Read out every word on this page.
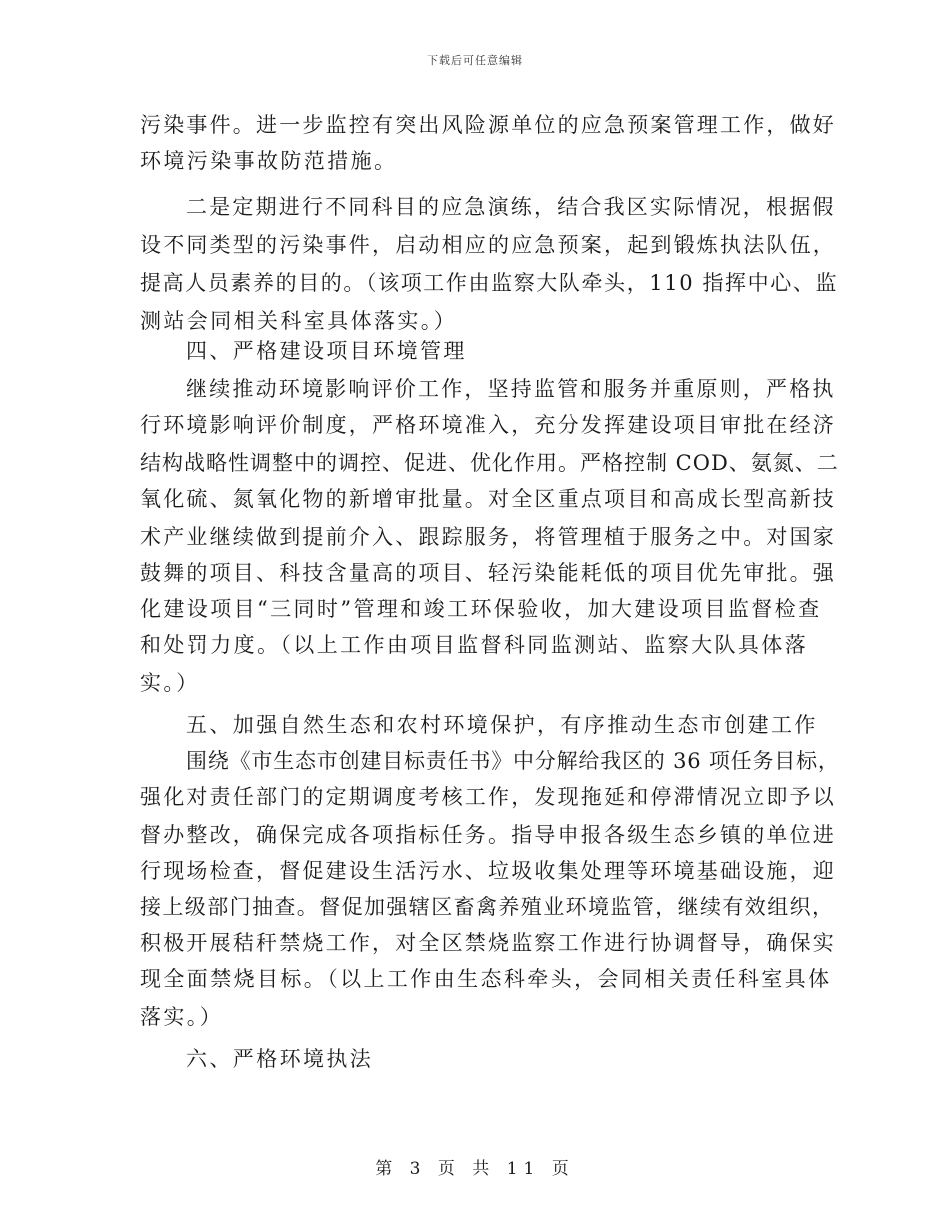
下载后可任意编辑
污染事件。进一步监控有突出风险源单位的应急预案管理工作，做好
环境污染事故防范措施。
二是定期进行不同科目的应急演练，结合我区实际情况，根据假
设不同类型的污染事件，启动相应的应急预案，起到锻炼执法队伍，
提高人员素养的目的。（该项工作由监察大队牵头，110 指挥中心、监
测站会同相关科室具体落实。）
四、严格建设项目环境管理
继续推动环境影响评价工作，坚持监管和服务并重原则，严格执
行环境影响评价制度，严格环境准入，充分发挥建设项目审批在经济
结构战略性调整中的调控、促进、优化作用。严格控制 COD、氨氮、二
氧化硫、氮氧化物的新增审批量。对全区重点项目和高成长型高新技
术产业继续做到提前介入、跟踪服务，将管理植于服务之中。对国家
鼓舞的项目、科技含量高的项目、轻污染能耗低的项目优先审批。强
化建设项目“三同时”管理和竣工环保验收，加大建设项目监督检查
和处罚力度。（以上工作由项目监督科同监测站、监察大队具体落
实。）
五、加强自然生态和农村环境保护，有序推动生态市创建工作
围绕《市生态市创建目标责任书》中分解给我区的 36 项任务目标，
强化对责任部门的定期调度考核工作，发现拖延和停滞情况立即予以
督办整改，确保完成各项指标任务。指导申报各级生态乡镇的单位进
行现场检查，督促建设生活污水、垃圾收集处理等环境基础设施，迎
接上级部门抽查。督促加强辖区畜禽养殖业环境监管，继续有效组织，
积极开展秸秆禁烧工作，对全区禁烧监察工作进行协调督导，确保实
现全面禁烧目标。（以上工作由生态科牵头，会同相关责任科室具体
落实。）
六、严格环境执法
第 3 页 共 11 页
